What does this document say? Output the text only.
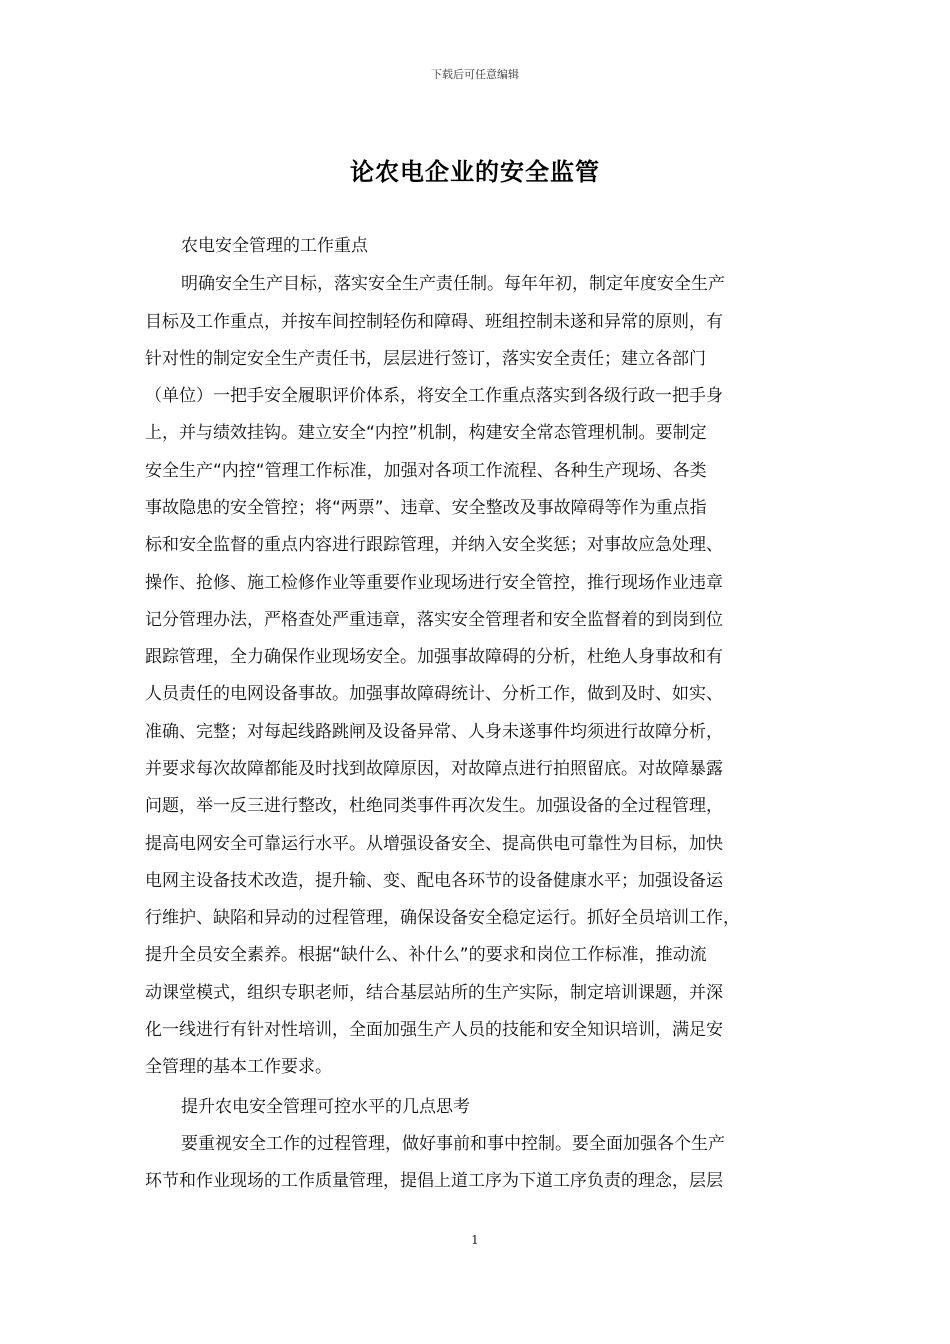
下载后可任意编辑
论农电企业的安全监管
农电安全管理的工作重点
明确安全生产目标，落实安全生产责任制。每年年初，制定年度安全生产
目标及工作重点，并按车间控制轻伤和障碍、班组控制未遂和异常的原则，有
针对性的制定安全生产责任书，层层进行签订，落实安全责任；建立各部门
（单位）一把手安全履职评价体系，将安全工作重点落实到各级行政一把手身
上，并与绩效挂钩。建立安全“内控”机制，构建安全常态管理机制。要制定
安全生产“内控“管理工作标准，加强对各项工作流程、各种生产现场、各类
事故隐患的安全管控；将“两票”、违章、安全整改及事故障碍等作为重点指
标和安全监督的重点内容进行跟踪管理，并纳入安全奖惩；对事故应急处理、
操作、抢修、施工检修作业等重要作业现场进行安全管控，推行现场作业违章
记分管理办法，严格查处严重违章，落实安全管理者和安全监督着的到岗到位
跟踪管理，全力确保作业现场安全。加强事故障碍的分析，杜绝人身事故和有
人员责任的电网设备事故。加强事故障碍统计、分析工作，做到及时、如实、
准确、完整；对每起线路跳闸及设备异常、人身未遂事件均须进行故障分析，
并要求每次故障都能及时找到故障原因，对故障点进行拍照留底。对故障暴露
问题，举一反三进行整改，杜绝同类事件再次发生。加强设备的全过程管理，
提高电网安全可靠运行水平。从增强设备安全、提高供电可靠性为目标，加快
电网主设备技术改造，提升输、变、配电各环节的设备健康水平；加强设备运
行维护、缺陷和异动的过程管理，确保设备安全稳定运行。抓好全员培训工作，
提升全员安全素养。根据“缺什么、补什么”的要求和岗位工作标准，推动流
动课堂模式，组织专职老师，结合基层站所的生产实际，制定培训课题，并深
化一线进行有针对性培训，全面加强生产人员的技能和安全知识培训，满足安
全管理的基本工作要求。
提升农电安全管理可控水平的几点思考
要重视安全工作的过程管理，做好事前和事中控制。要全面加强各个生产
环节和作业现场的工作质量管理，提倡上道工序为下道工序负责的理念，层层
1
